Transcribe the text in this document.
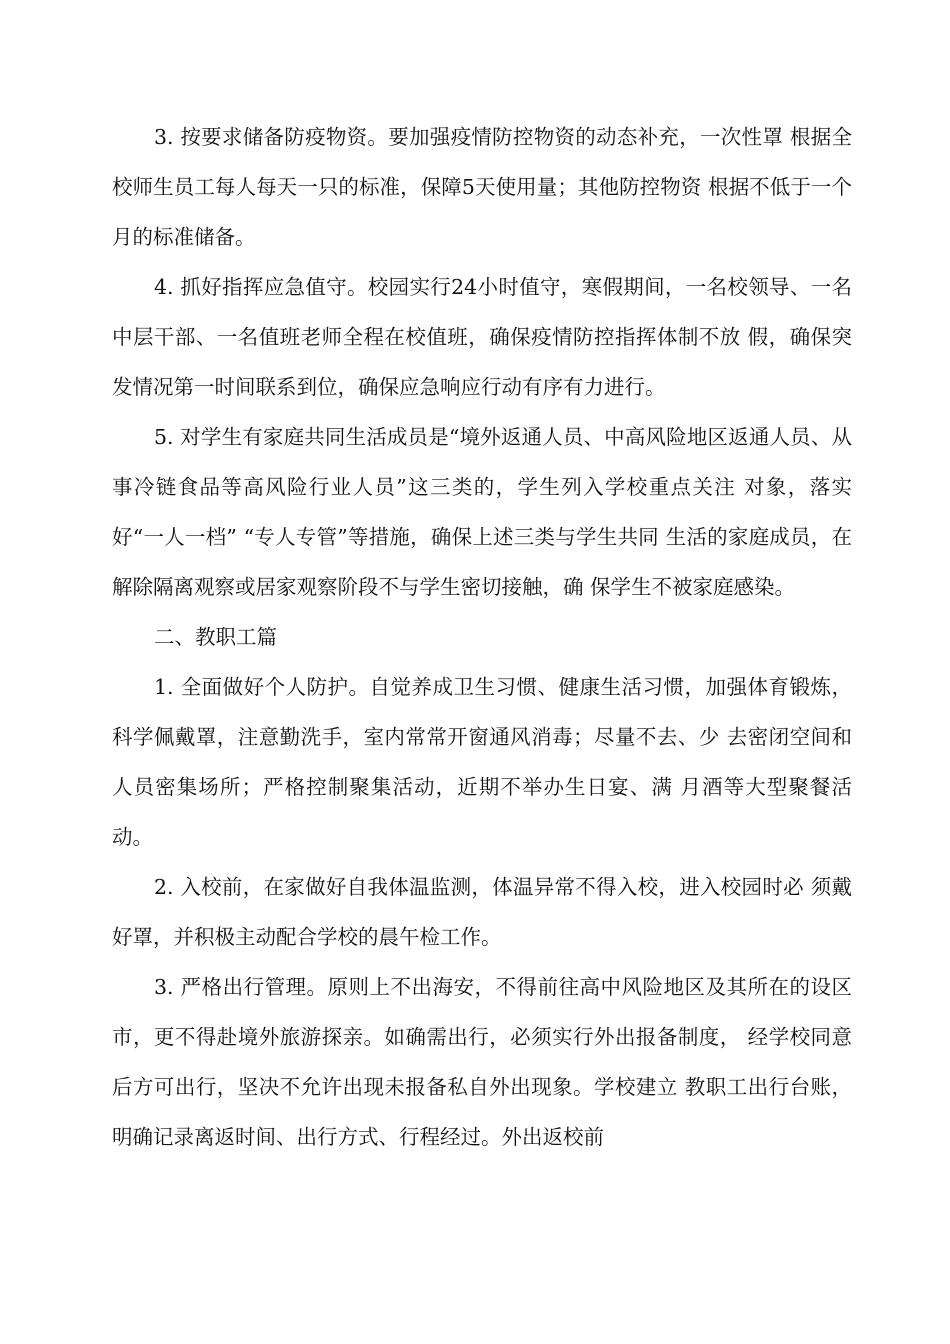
3. 按要求储备防疫物资。要加强疫情防控物资的动态补充，一次性罩 根据全校师生员工每人每天一只的标准，保障5天使用量；其他防控物资 根据不低于一个月的标准储备。

4. 抓好指挥应急值守。校园实行24小时值守，寒假期间，一名校领导、一名中层干部、一名值班老师全程在校值班，确保疫情防控指挥体制不放 假，确保突发情况第一时间联系到位，确保应急响应行动有序有力进行。

5. 对学生有家庭共同生活成员是“境外返通人员、中高风险地区返通人员、从事冷链食品等高风险行业人员”这三类的，学生列入学校重点关注 对象，落实好“一人一档” “专人专管”等措施，确保上述三类与学生共同 生活的家庭成员，在解除隔离观察或居家观察阶段不与学生密切接触，确 保学生不被家庭感染。

二、教职工篇

1. 全面做好个人防护。自觉养成卫生习惯、健康生活习惯，加强体育锻炼，科学佩戴罩，注意勤洗手，室内常常开窗通风消毒；尽量不去、少 去密闭空间和人员密集场所；严格控制聚集活动，近期不举办生日宴、满 月酒等大型聚餐活动。

2. 入校前，在家做好自我体温监测，体温异常不得入校，进入校园时必 须戴好罩，并积极主动配合学校的晨午检工作。

3. 严格出行管理。原则上不出海安，不得前往高中风险地区及其所在的设区市，更不得赴境外旅游探亲。如确需出行，必须实行外出报备制度， 经学校同意后方可出行，坚决不允许出现未报备私自外出现象。学校建立 教职工出行台账，明确记录离返时间、出行方式、行程经过。外出返校前
